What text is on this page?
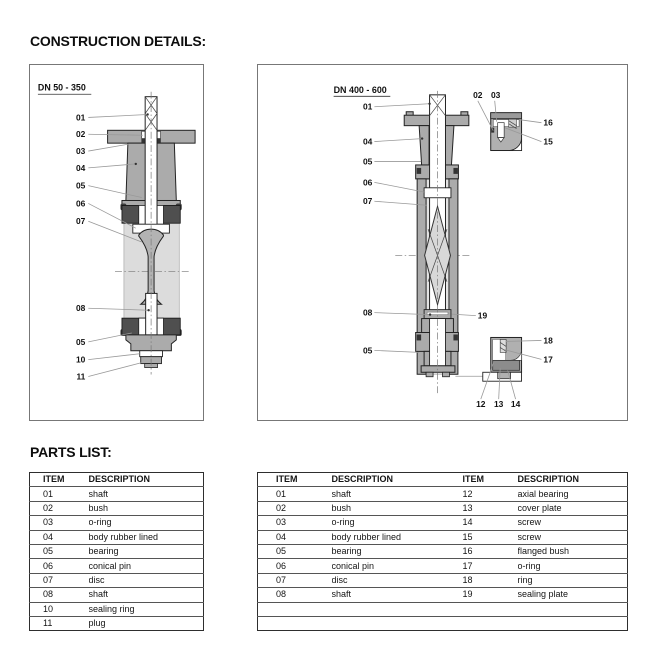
CONSTRUCTION DETAILS:
DN 50 - 350
01
02
03
04
05
06
07
08
05
10
11
DN 400 - 600
01
04
05
06
07
08	19
05
02 03
16
15
18
17
12 13 14
PARTS LIST:
ITEM	DESCRIPTION
01	shaft
02	bush
03	o-ring
04	body rubber lined
05	bearing
06	conical pin
07	disc
08	shaft
10	sealing ring
11	plug
ITEM	DESCRIPTION	ITEM	DESCRIPTION
01	shaft	12	axial bearing
02	bush	13	cover plate
03	o-ring	14	screw
04	body rubber lined	15	screw
05	bearing	16	flanged bush
06	conical pin	17	o-ring
07	disc	18	ring
08	shaft	19	sealing plate
